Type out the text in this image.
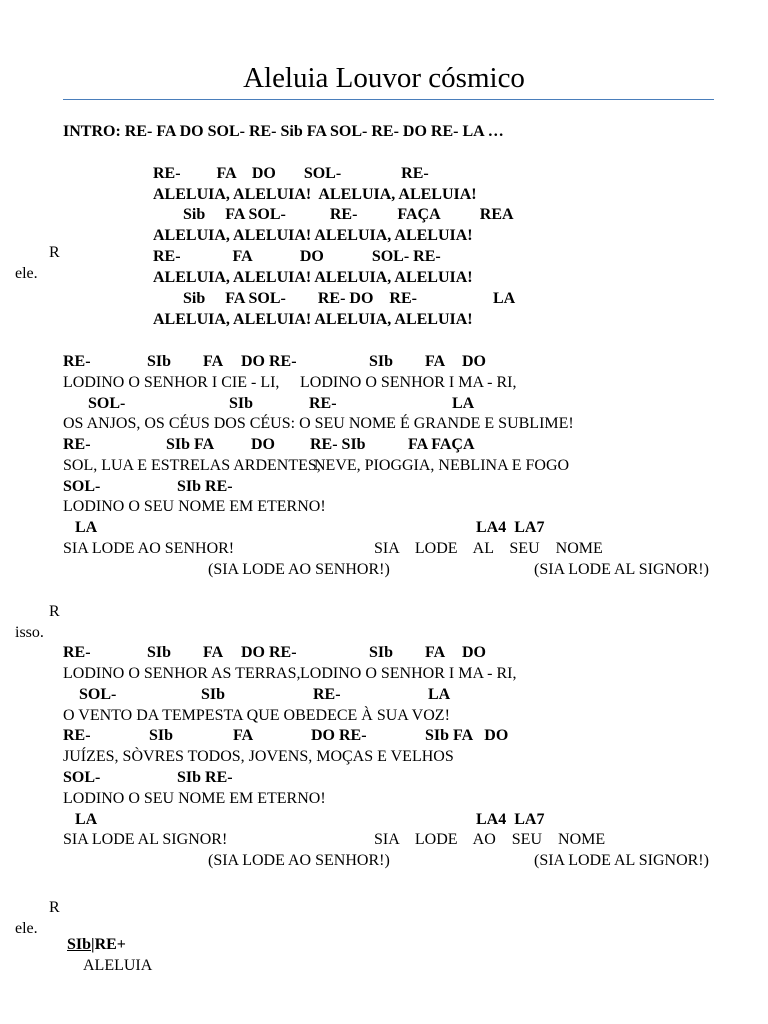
Aleluia Louvor cósmico
INTRO: RE- FA DO SOL- RE- Sib FA SOL- RE- DO RE- LA …
R
ele.
R
isso.
R
ele.
RE-         FA    DO       SOL-               RE-
ALELUIA, ALELUIA!  ALELUIA, ALELUIA!
Sib     FA SOL-           RE-          FAÇA          REA
ALELUIA, ALELUIA! ALELUIA, ALELUIA!
RE-             FA            DO            SOL- RE-
ALELUIA, ALELUIA! ALELUIA, ALELUIA!
Sib     FA SOL-        RE- DO    RE-                   LA
ALELUIA, ALELUIA! ALELUIA, ALELUIA!
RE-	SIb FA DO RE-	SIb FA DO
LODINO O SENHOR I CIE - LI, LODINO O SENHOR I MA - RI,
SOL-	SIb	RE-	LA
OS ANJOS, OS CÉUS DOS CÉUS: O SEU NOME É GRANDE E SUBLIME!
RE-	SIb FA DO RE- SIb	FA FAÇA
SOL, LUA E ESTRELAS ARDENTES,
NEVE, PIOGGIA, NEBLINA E FOGO
SOL-	SIb RE-
LODINO O SEU NOME EM ETERNO!
LA	LA4  LA7
SIA LODE AO SENHOR!	SIA    LODE    AL    SEU    NOME
(SIA LODE AO SENHOR!)	(SIA LODE AL SIGNOR!)
RE-	SIb FA DO RE-	SIb FA DO
LODINO O SENHOR AS TERRAS, LODINO O SENHOR I MA - RI,
SOL-	SIb	RE-	LA
O VENTO DA TEMPESTA QUE OBEDECE À SUA VOZ!
RE-	SIb	FA	DO RE-	SIb FA   DO
JUÍZES, SÒVRES TODOS, JOVENS, MOÇAS E VELHOS
SOL-	SIb RE-
LODINO O SEU NOME EM ETERNO!
LA	LA4  LA7
SIA LODE AL SIGNOR!	SIA    LODE    AO    SEU    NOME
(SIA LODE AO SENHOR!)	(SIA LODE AL SIGNOR!)
SIb|RE+
ALELUIA
